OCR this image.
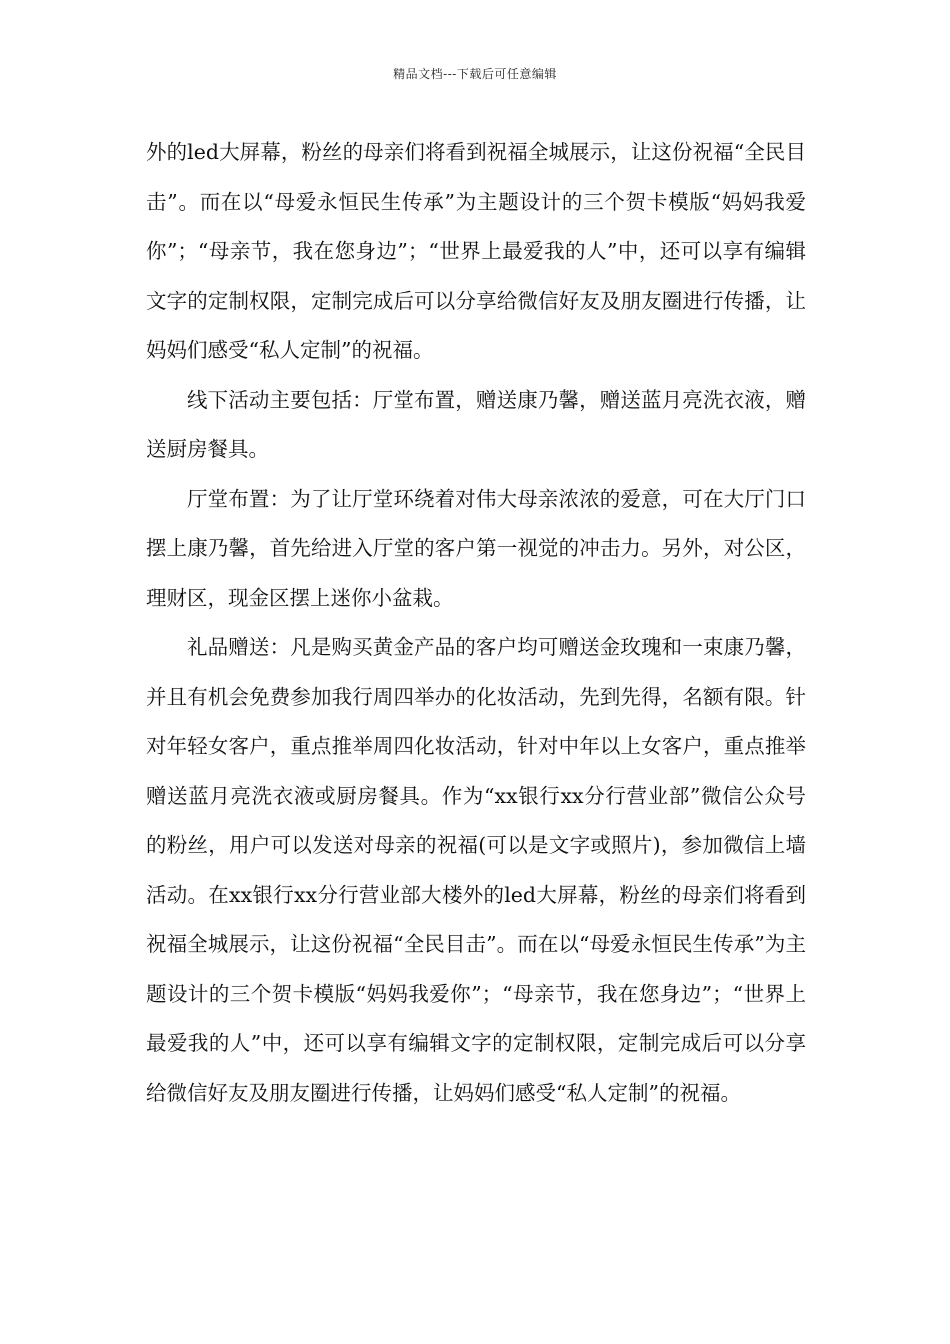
精品文档---下载后可任意编辑

外的led大屏幕，粉丝的母亲们将看到祝福全城展示，让这份祝福“全民目击”。而在以“母爱永恒民生传承”为主题设计的三个贺卡模版“妈妈我爱你”；“母亲节，我在您身边”；“世界上最爱我的人”中，还可以享有编辑文字的定制权限，定制完成后可以分享给微信好友及朋友圈进行传播，让妈妈们感受“私人定制”的祝福。

线下活动主要包括：厅堂布置，赠送康乃馨，赠送蓝月亮洗衣液，赠送厨房餐具。

厅堂布置：为了让厅堂环绕着对伟大母亲浓浓的爱意，可在大厅门口摆上康乃馨，首先给进入厅堂的客户第一视觉的冲击力。另外，对公区，理财区，现金区摆上迷你小盆栽。

礼品赠送：凡是购买黄金产品的客户均可赠送金玫瑰和一束康乃馨，并且有机会免费参加我行周四举办的化妆活动，先到先得，名额有限。针对年轻女客户，重点推举周四化妆活动，针对中年以上女客户，重点推举赠送蓝月亮洗衣液或厨房餐具。作为“xx银行xx分行营业部”微信公众号的粉丝，用户可以发送对母亲的祝福(可以是文字或照片)，参加微信上墙活动。在xx银行xx分行营业部大楼外的led大屏幕，粉丝的母亲们将看到祝福全城展示，让这份祝福“全民目击”。而在以“母爱永恒民生传承”为主题设计的三个贺卡模版“妈妈我爱你”；“母亲节，我在您身边”；“世界上最爱我的人”中，还可以享有编辑文字的定制权限，定制完成后可以分享给微信好友及朋友圈进行传播，让妈妈们感受“私人定制”的祝福。
